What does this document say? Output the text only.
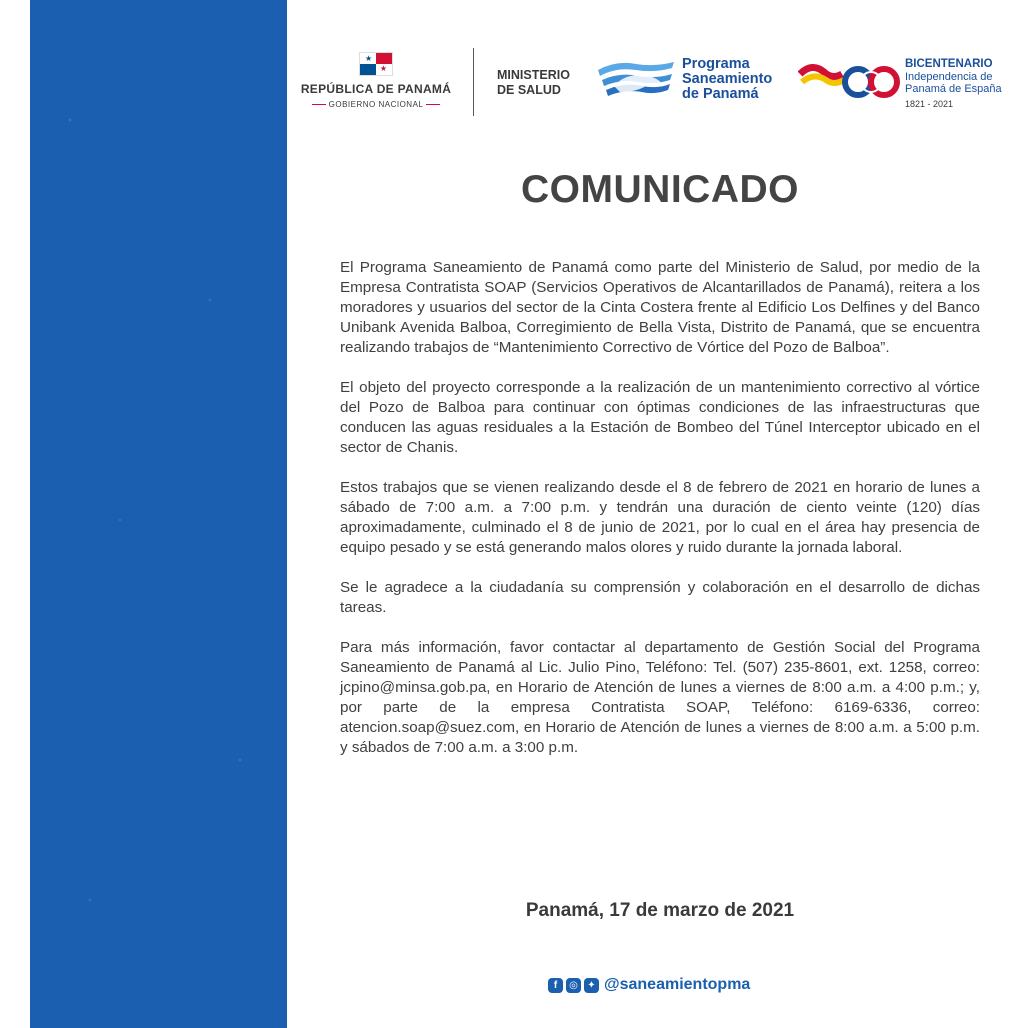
★
★
REPÚBLICA DE PANAMÁ
GOBIERNO NACIONAL
MINISTERIO
DE SALUD
Programa
Saneamiento
de Panamá
BICENTENARIO
Independencia de
Panamá de España
1821 - 2021
COMUNICADO

El Programa Saneamiento de Panamá como parte del Ministerio de Salud, por medio de la Empresa Contratista SOAP (Servicios Operativos de Alcantarillados de Panamá), reitera a los moradores y usuarios del sector de la Cinta Costera frente al Edificio Los Delfines y del Banco Unibank Avenida Balboa, Corregimiento de Bella Vista, Distrito de Panamá, que se encuentra realizando trabajos de “Mantenimiento Correctivo de Vórtice del Pozo de Balboa”.

El objeto del proyecto corresponde a la realización de un mantenimiento correctivo al vórtice del Pozo de Balboa para continuar con óptimas condiciones de las infraestructuras que conducen las aguas residuales a la Estación de Bombeo del Túnel Interceptor ubicado en el sector de Chanis.

Estos trabajos que se vienen realizando desde el 8 de febrero de 2021 en horario de lunes a sábado de 7:00 a.m. a 7:00 p.m. y tendrán una duración de ciento veinte (120) días aproximadamente, culminado el 8 de junio de 2021, por lo cual en el área hay presencia de equipo pesado y se está generando malos olores y ruido durante la jornada laboral.

Se le agradece a la ciudadanía su comprensión y colaboración en el desarrollo de dichas tareas.

Para más información, favor contactar al departamento de Gestión Social del Programa Saneamiento de Panamá al Lic. Julio Pino, Teléfono: Tel. (507) 235-8601, ext. 1258, correo: jcpino@minsa.gob.pa, en Horario de Atención de lunes a viernes de 8:00 a.m. a 4:00 p.m.; y, por parte de la empresa Contratista SOAP, Teléfono: 6169-6336, correo: atencion.soap@suez.com, en Horario de Atención de lunes a viernes de 8:00 a.m. a 5:00 p.m. y sábados de 7:00 a.m. a 3:00 p.m.

Panamá, 17 de marzo de 2021
f	◎ ✦ @saneamientopma
